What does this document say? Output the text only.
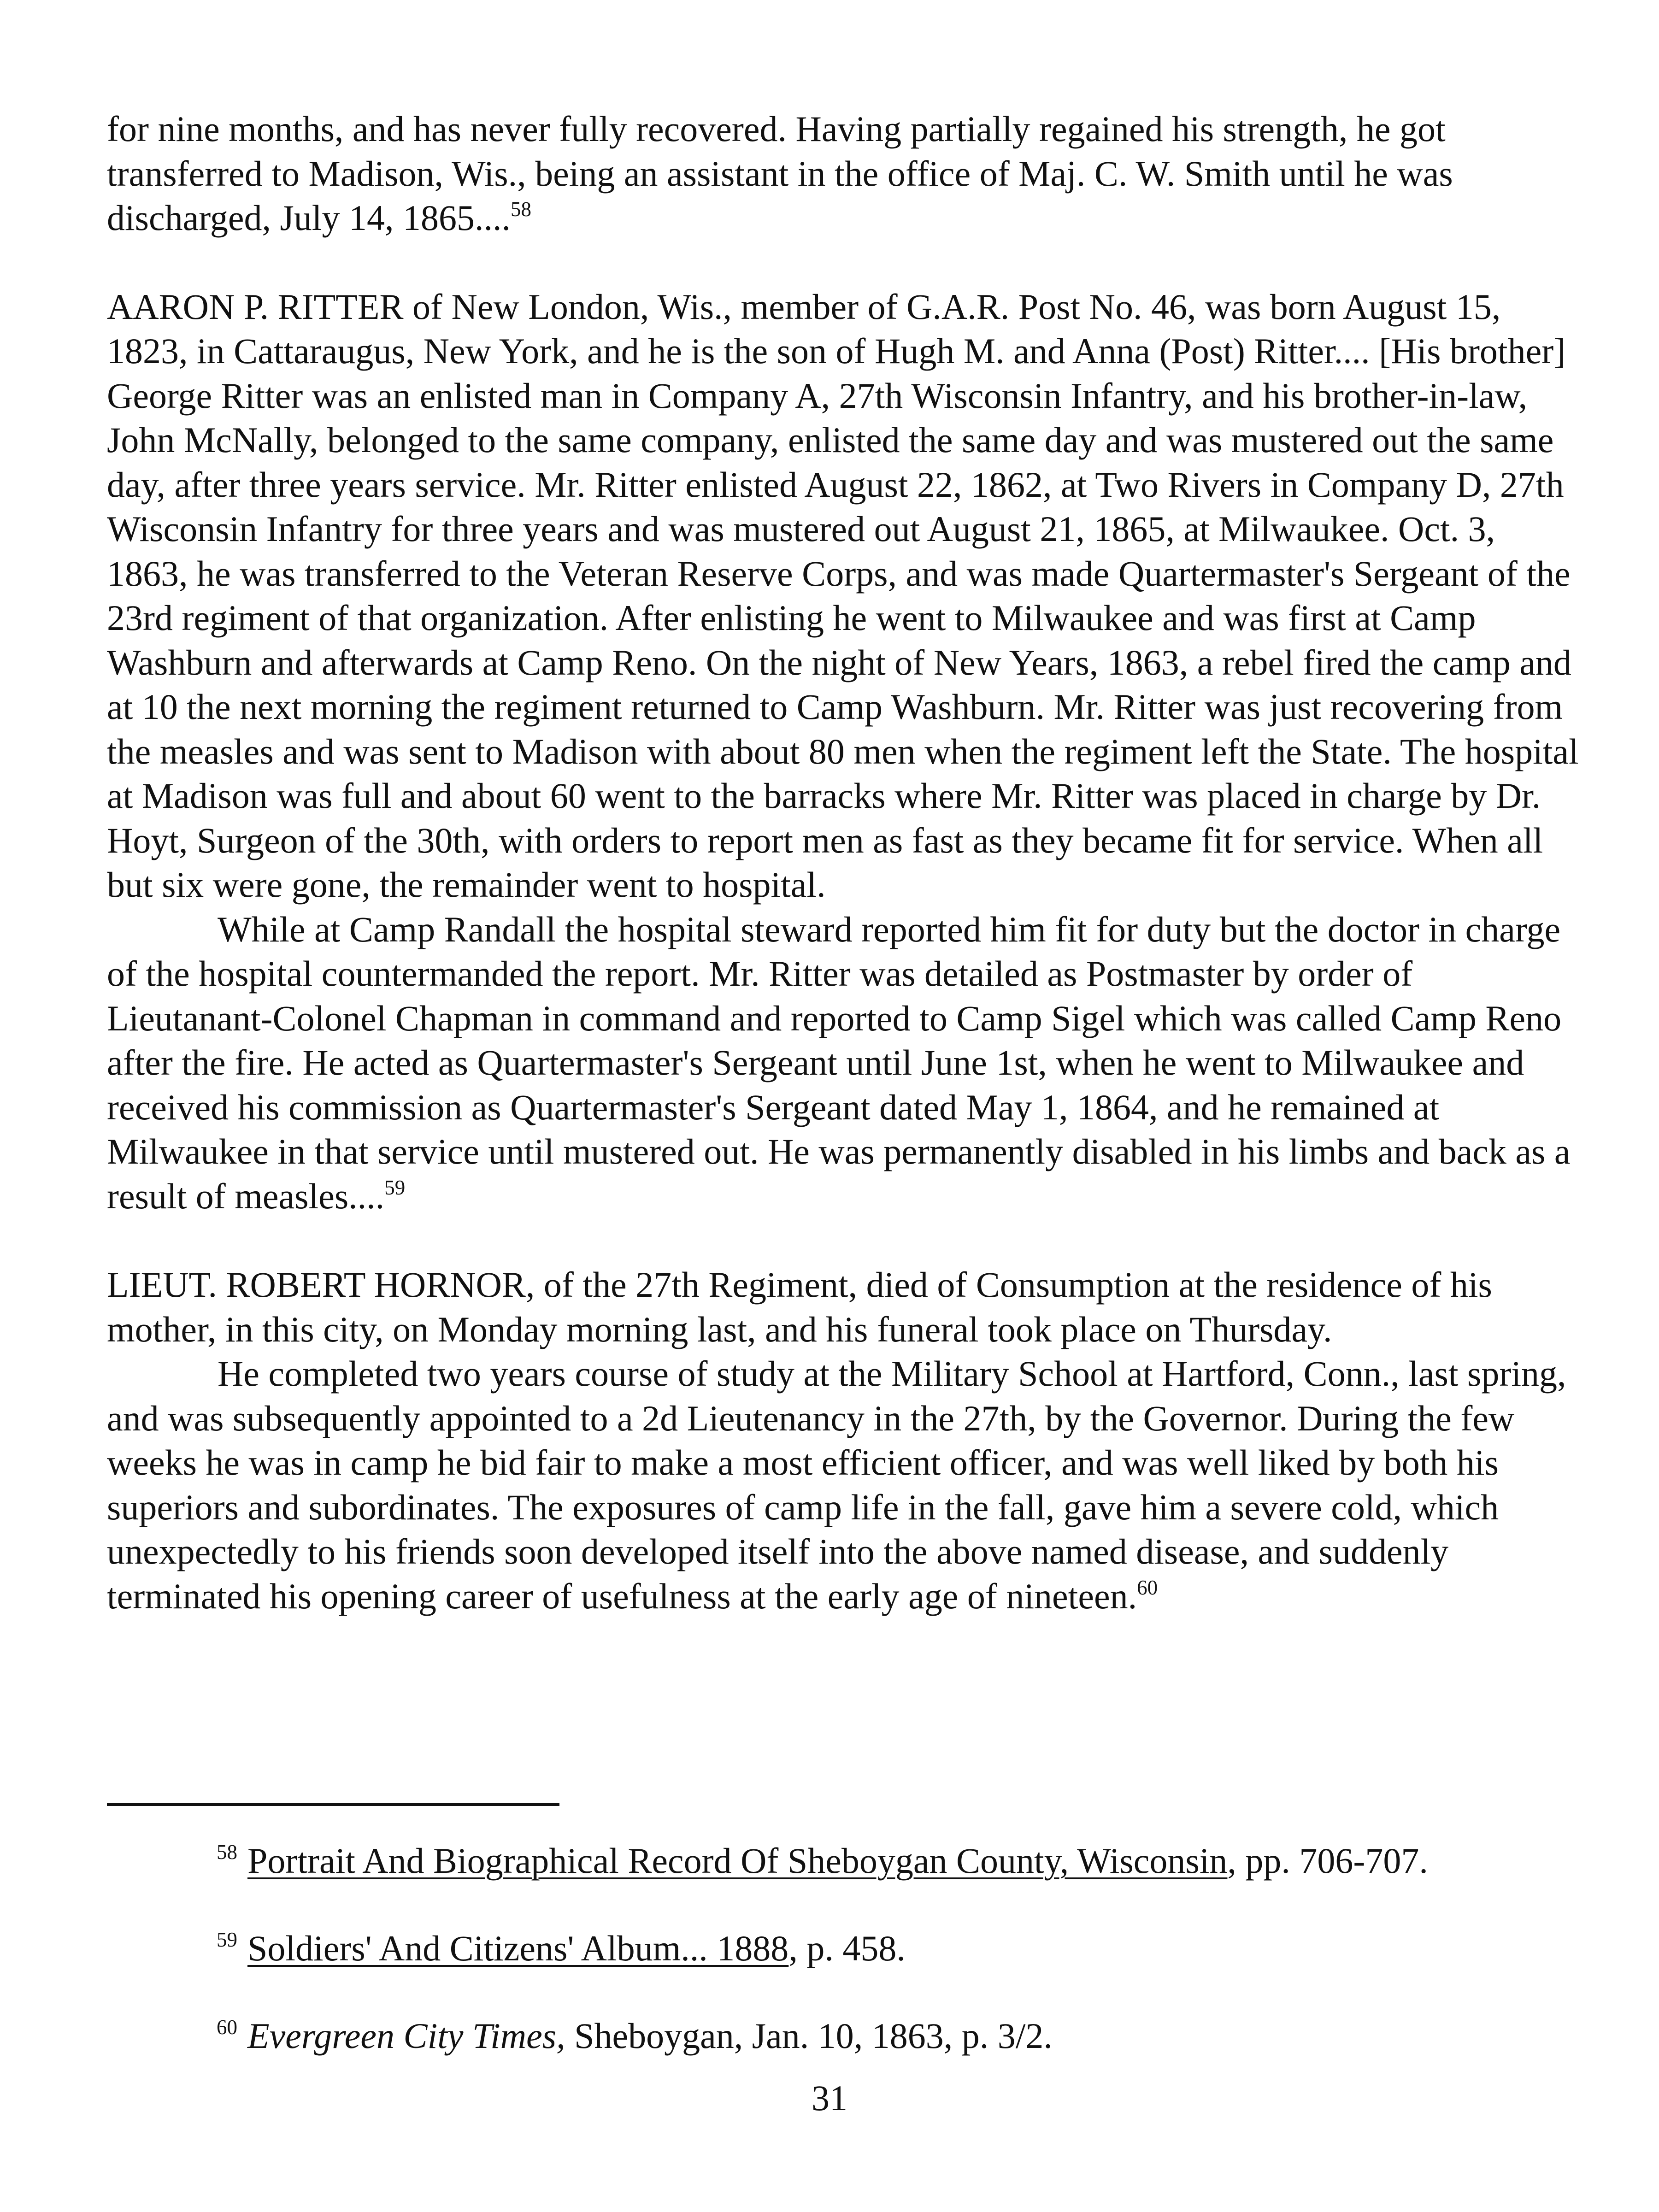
for nine months, and has never fully recovered. Having partially regained his strength, he got transferred to Madison, Wis., being an assistant in the office of Maj. C. W. Smith until he was discharged, July 14, 1865....$^{58}$

AARON P. RITTER of New London, Wis., member of G.A.R. Post No. 46, was born August 15, 1823, in Cattaraugus, New York, and he is the son of Hugh M. and Anna (Post) Ritter.... [His brother] George Ritter was an enlisted man in Company A, 27th Wisconsin Infantry, and his brother-in-law, John McNally, belonged to the same company, enlisted the same day and was mustered out the same day, after three years service. Mr. Ritter enlisted August 22, 1862, at Two Rivers in Company D, 27th Wisconsin Infantry for three years and was mustered out August 21, 1865, at Milwaukee. Oct. 3, 1863, he was transferred to the Veteran Reserve Corps, and was made Quartermaster's Sergeant of the 23rd regiment of that organization. After enlisting he went to Milwaukee and was first at Camp Washburn and afterwards at Camp Reno. On the night of New Years, 1863, a rebel fired the camp and at 10 the next morning the regiment returned to Camp Washburn. Mr. Ritter was just recovering from the measles and was sent to Madison with about 80 men when the regiment left the State. The hospital at Madison was full and about 60 went to the barracks where Mr. Ritter was placed in charge by Dr. Hoyt, Surgeon of the 30th, with orders to report men as fast as they became fit for service. When all but six were gone, the remainder went to hospital.

While at Camp Randall the hospital steward reported him fit for duty but the doctor in charge of the hospital countermanded the report. Mr. Ritter was detailed as Postmaster by order of Lieutanant-Colonel Chapman in command and reported to Camp Sigel which was called Camp Reno after the fire. He acted as Quartermaster's Sergeant until June 1st, when he went to Milwaukee and received his commission as Quartermaster's Sergeant dated May 1, 1864, and he remained at Milwaukee in that service until mustered out. He was permanently disabled in his limbs and back as a result of measles....$^{59}$

LIEUT. ROBERT HORNOR, of the 27th Regiment, died of Consumption at the residence of his mother, in this city, on Monday morning last, and his funeral took place on Thursday.

He completed two years course of study at the Military School at Hartford, Conn., last spring, and was subsequently appointed to a 2d Lieutenancy in the 27th, by the Governor. During the few weeks he was in camp he bid fair to make a most efficient officer, and was well liked by both his superiors and subordinates. The exposures of camp life in the fall, gave him a severe cold, which unexpectedly to his friends soon developed itself into the above named disease, and suddenly terminated his opening career of usefulness at the early age of nineteen.$^{60}$

$^{58}$ Portrait And Biographical Record Of Sheboygan County, Wisconsin, pp. 706-707.

$^{59}$ Soldiers' And Citizens' Album... 1888, p. 458.

$^{60}$ Evergreen City Times, Sheboygan, Jan. 10, 1863, p. 3/2.

31
